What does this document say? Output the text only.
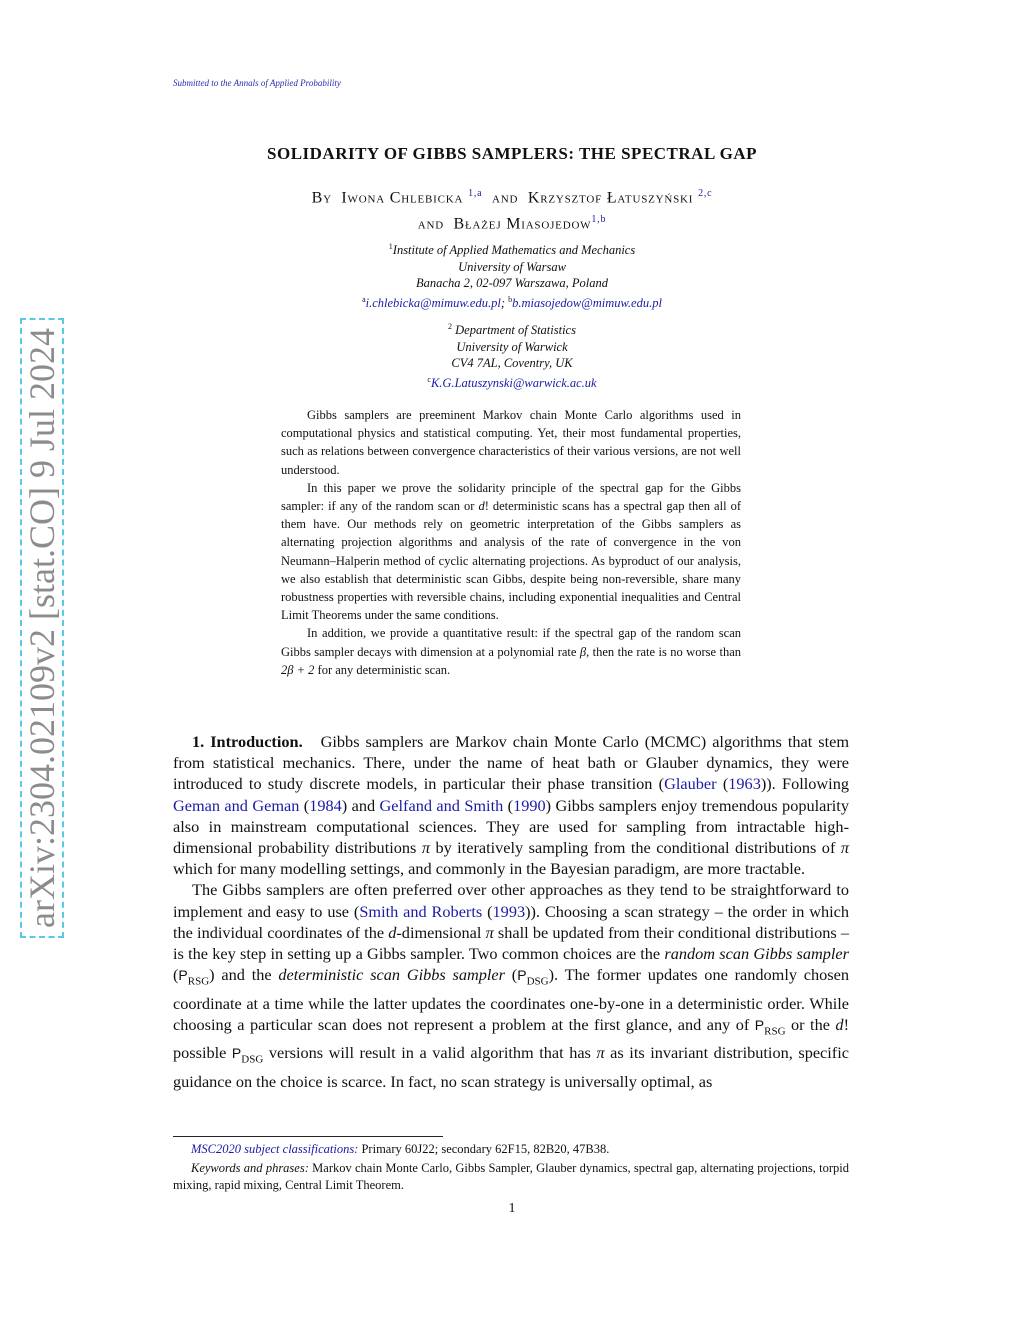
Submitted to the Annals of Applied Probability
arXiv:2304.02109v2 [stat.CO] 9 Jul 2024
SOLIDARITY OF GIBBS SAMPLERS: THE SPECTRAL GAP
By Iwona Chlebicka $^{1,a}$ and Krzysztof Łatuszyński $^{2,c}$
and Błażej Miasojedow$^{1,b}$
$^1$Institute of Applied Mathematics and Mechanics
University of Warsaw
Banacha 2, 02-097 Warszawa, Poland
$^a$i.chlebicka@mimuw.edu.pl; $^b$b.miasojedow@mimuw.edu.pl
$^2$ Department of Statistics
University of Warwick
CV4 7AL, Coventry, UK
$^c$K.G.Latuszynski@warwick.ac.uk

Gibbs samplers are preeminent Markov chain Monte Carlo algorithms used in computational physics and statistical computing. Yet, their most fundamental properties, such as relations between convergence characteristics of their various versions, are not well understood.

In this paper we prove the solidarity principle of the spectral gap for the Gibbs sampler: if any of the random scan or d! deterministic scans has a spectral gap then all of them have. Our methods rely on geometric interpretation of the Gibbs samplers as alternating projection algorithms and analysis of the rate of convergence in the von Neumann–Halperin method of cyclic alternating projections. As byproduct of our analysis, we also establish that deterministic scan Gibbs, despite being non-reversible, share many robustness properties with reversible chains, including exponential inequalities and Central Limit Theorems under the same conditions.

In addition, we provide a quantitative result: if the spectral gap of the random scan Gibbs sampler decays with dimension at a polynomial rate β, then the rate is no worse than 2β + 2 for any deterministic scan.

1. Introduction. Gibbs samplers are Markov chain Monte Carlo (MCMC) algorithms that stem from statistical mechanics. There, under the name of heat bath or Glauber dynamics, they were introduced to study discrete models, in particular their phase transition (Glauber (1963)). Following Geman and Geman (1984) and Gelfand and Smith (1990) Gibbs samplers enjoy tremendous popularity also in mainstream computational sciences. They are used for sampling from intractable high-dimensional probability distributions π by iteratively sampling from the conditional distributions of π which for many modelling settings, and commonly in the Bayesian paradigm, are more tractable.

The Gibbs samplers are often preferred over other approaches as they tend to be straightforward to implement and easy to use (Smith and Roberts (1993)). Choosing a scan strategy – the order in which the individual coordinates of the d-dimensional π shall be updated from their conditional distributions – is the key step in setting up a Gibbs sampler. Two common choices are the random scan Gibbs sampler $(P_{RSG})$ and the deterministic scan Gibbs sampler $(P_{DSG})$. The former updates one randomly chosen coordinate at a time while the latter updates the coordinates one-by-one in a deterministic order. While choosing a particular scan does not represent a problem at the first glance, and any of $P_{RSG}$ or the d! possible $P_{DSG}$ versions will result in a valid algorithm that has π as its invariant distribution, specific guidance on the choice is scarce. In fact, no scan strategy is universally optimal, as

MSC2020 subject classifications: Primary 60J22; secondary 62F15, 82B20, 47B38.
Keywords and phrases: Markov chain Monte Carlo, Gibbs Sampler, Glauber dynamics, spectral gap, alternating projections, torpid mixing, rapid mixing, Central Limit Theorem.
1
